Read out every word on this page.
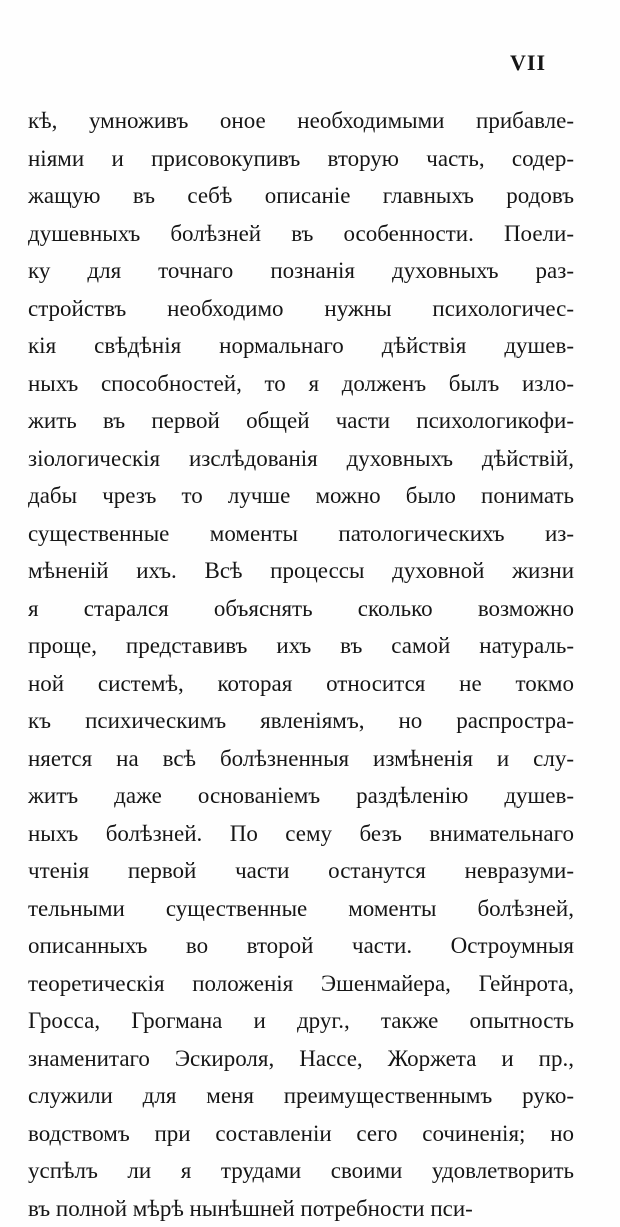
VII
кѣ, умноживъ оное необходимыми прибавле-
ніями и присовокупивъ вторую часть, содер-
жащую въ себѣ описаніе главныхъ родовъ
душевныхъ болѣзней въ особенности. Поели-
ку для точнаго познанія духовныхъ раз-
стройствъ необходимо нужны психологичес-
кія свѣдѣнія нормальнаго дѣйствія душев-
ныхъ способностей, то я долженъ былъ изло-
жить въ первой общей части психологикофи-
зіологическія изслѣдованія духовныхъ дѣйствій,
дабы чрезъ то лучше можно было понимать
существенные моменты патологическихъ из-
мѣненій ихъ. Всѣ процессы духовной жизни
я старался объяснять сколько возможно
проще, представивъ ихъ въ самой натураль-
ной системѣ, которая относится не токмо
къ психическимъ явленіямъ, но распростра-
няется на всѣ болѣзненныя измѣненія и слу-
житъ даже основаніемъ раздѣленію душев-
ныхъ болѣзней. По сему безъ внимательнаго
чтенія первой части останутся невразуми-
тельными существенные моменты болѣзней,
описанныхъ во второй части. Остроумныя
теоретическія положенія Эшенмайера, Гейнрота,
Гросса, Грогмана и друг., также опытность
знаменитаго Эскироля, Нассе, Жоржета и пр.,
служили для меня преимущественнымъ руко-
водствомъ при составленіи сего сочиненія; но
успѣлъ ли я трудами своими удовлетворить
въ полной мѣрѣ нынѣшней потребности пси-
